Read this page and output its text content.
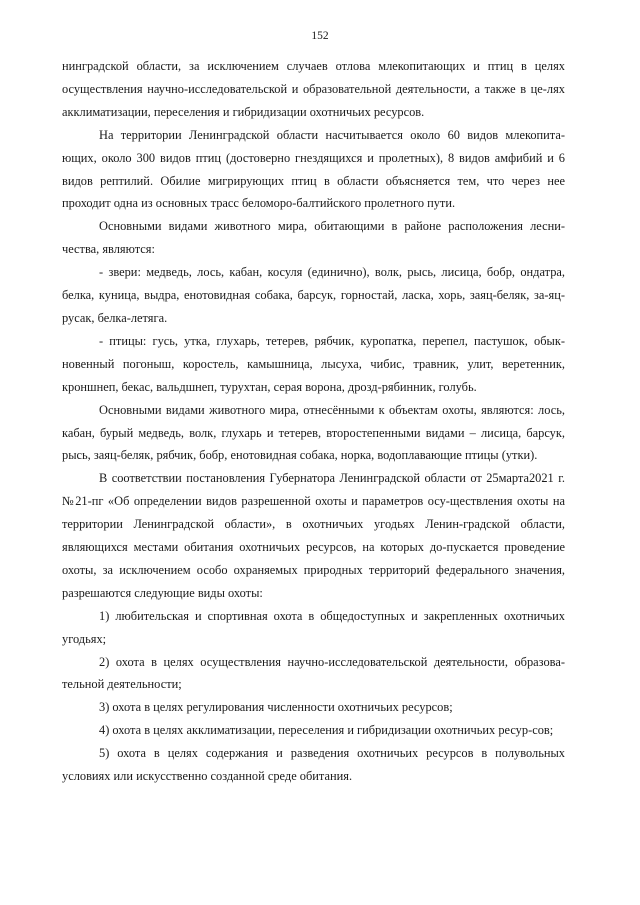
152

нинградской области, за исключением случаев отлова млекопитающих и птиц в целях осуществления научно-исследовательской и образовательной деятельности, а также в це-лях акклиматизации, переселения и гибридизации охотничьих ресурсов.

На территории Ленинградской области насчитывается около 60 видов млекопита-ющих, около 300 видов птиц (достоверно гнездящихся и пролетных), 8 видов амфибий и 6 видов рептилий. Обилие мигрирующих птиц в области объясняется тем, что через нее проходит одна из основных трасс беломоро-балтийского пролетного пути.

Основными видами животного мира, обитающими в районе расположения лесни-чества, являются:

- звери: медведь, лось, кабан, косуля (единично), волк, рысь, лисица, бобр, ондатра, белка, куница, выдра, енотовидная собака, барсук, горностай, ласка, хорь, заяц-беляк, за-яц-русак, белка-летяга.

- птицы: гусь, утка, глухарь, тетерев, рябчик, куропатка, перепел, пастушок, обык-новенный погоныш, коростель, камышница, лысуха, чибис, травник, улит, веретенник, кроншнеп, бекас, вальдшнеп, турухтан, серая ворона, дрозд-рябинник, голубь.

Основными видами животного мира, отнесёнными к объектам охоты, являются: лось, кабан, бурый медведь, волк, глухарь и тетерев, второстепенными видами – лисица, барсук, рысь, заяц-беляк, рябчик, бобр, енотовидная собака, норка, водоплавающие птицы (утки).

В соответствии постановления Губернатора Ленинградской области от 25марта2021 г. №21-пг «Об определении видов разрешенной охоты и параметров осу-ществления охоты на территории Ленинградской области», в охотничьих угодьях Ленин-градской области, являющихся местами обитания охотничьих ресурсов, на которых до-пускается проведение охоты, за исключением особо охраняемых природных территорий федерального значения, разрешаются следующие виды охоты:

1) любительская и спортивная охота в общедоступных и закрепленных охотничьих угодьях;

2) охота в целях осуществления научно-исследовательской деятельности, образова-тельной деятельности;

3) охота в целях регулирования численности охотничьих ресурсов;

4) охота в целях акклиматизации, переселения и гибридизации охотничьих ресур-сов;

5) охота в целях содержания и разведения охотничьих ресурсов в полувольных условиях или искусственно созданной среде обитания.
